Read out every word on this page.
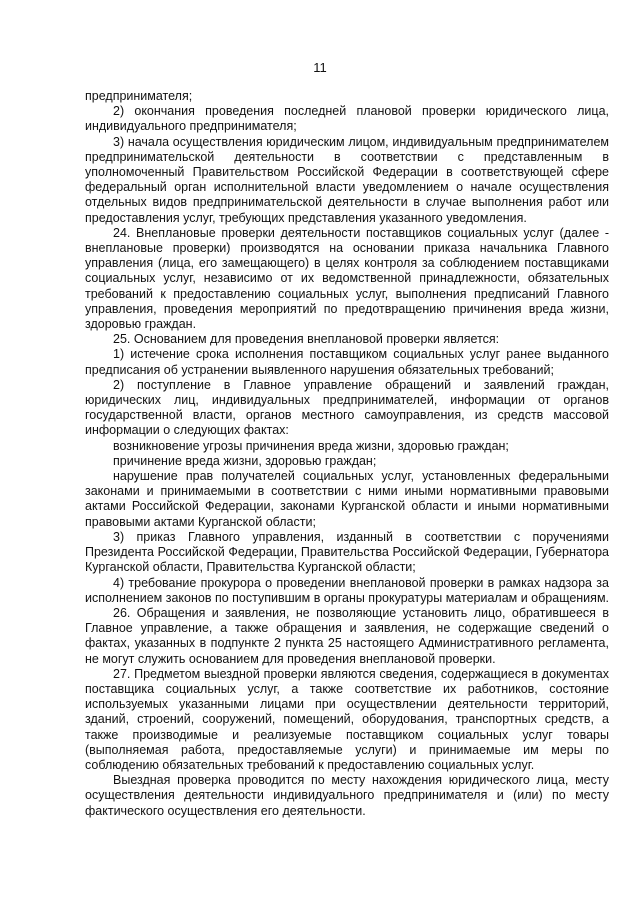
11

предпринимателя;

2) окончания проведения последней плановой проверки юридического лица, индивидуального предпринимателя;

3) начала осуществления юридическим лицом, индивидуальным предпринимателем предпринимательской деятельности в соответствии с представленным в уполномоченный Правительством Российской Федерации в соответствующей сфере федеральный орган исполнительной власти уведомлением о начале осуществления отдельных видов предпринимательской деятельности в случае выполнения работ или предоставления услуг, требующих представления указанного уведомления.

24. Внеплановые проверки деятельности поставщиков социальных услуг (далее - внеплановые проверки) производятся на основании приказа начальника Главного управления (лица, его замещающего) в целях контроля за соблюдением поставщиками социальных услуг, независимо от их ведомственной принадлежности, обязательных требований к предоставлению социальных услуг, выполнения предписаний Главного управления, проведения мероприятий по предотвращению причинения вреда жизни, здоровью граждан.

25. Основанием для проведения внеплановой проверки является:

1) истечение срока исполнения поставщиком социальных услуг ранее выданного предписания об устранении выявленного нарушения обязательных требований;

2) поступление в Главное управление обращений и заявлений граждан, юридических лиц, индивидуальных предпринимателей, информации от органов государственной власти, органов местного самоуправления, из средств массовой информации о следующих фактах:

возникновение угрозы причинения вреда жизни, здоровью граждан;

причинение вреда жизни, здоровью граждан;

нарушение прав получателей социальных услуг, установленных федеральными законами и принимаемыми в соответствии с ними иными нормативными правовыми актами Российской Федерации, законами Курганской области и иными нормативными правовыми актами Курганской области;

3) приказ Главного управления, изданный в соответствии с поручениями Президента Российской Федерации, Правительства Российской Федерации, Губернатора Курганской области, Правительства Курганской области;

4) требование прокурора о проведении внеплановой проверки в рамках надзора за исполнением законов по поступившим в органы прокуратуры материалам и обращениям.

26. Обращения и заявления, не позволяющие установить лицо, обратившееся в Главное управление, а также обращения и заявления, не содержащие сведений о фактах, указанных в подпункте 2 пункта 25 настоящего Административного регламента, не могут служить основанием для проведения внеплановой проверки.

27. Предметом выездной проверки являются сведения, содержащиеся в документах поставщика социальных услуг, а также соответствие их работников, состояние используемых указанными лицами при осуществлении деятельности территорий, зданий, строений, сооружений, помещений, оборудования, транспортных средств, а также производимые и реализуемые поставщиком социальных услуг товары (выполняемая работа, предоставляемые услуги) и принимаемые им меры по соблюдению обязательных требований к предоставлению социальных услуг.

Выездная проверка проводится по месту нахождения юридического лица, месту осуществления деятельности индивидуального предпринимателя и (или) по месту фактического осуществления его деятельности.
